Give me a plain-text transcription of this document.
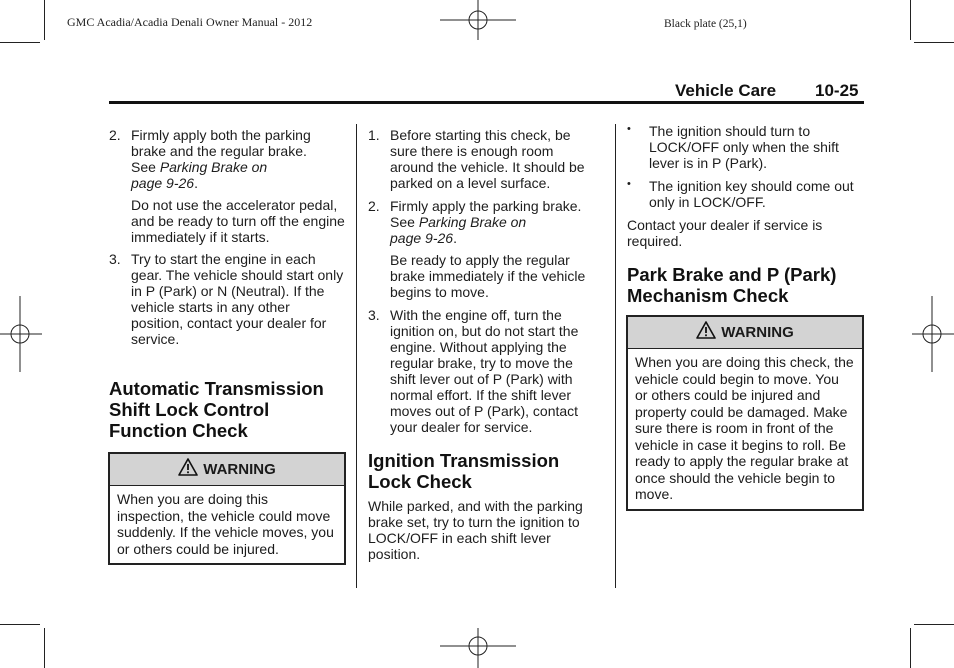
GMC Acadia/Acadia Denali Owner Manual - 2012	Black plate (25,1)
Vehicle Care 10-25
2. Firmly apply both the parking
brake and the regular brake.
See Parking Brake on
page 9-26.

Do not use the accelerator pedal, and be ready to turn off the engine immediately if it starts.

3. Try to start the engine in each gear. The vehicle should start only in P (Park) or N (Neutral). If the vehicle starts in any other position, contact your dealer for service.

Automatic Transmission Shift Lock Control Function Check
WARNING
When you are doing this inspection, the vehicle could move suddenly. If the vehicle moves, you or others could be injured.
1. Before starting this check, be sure there is enough room around the vehicle. It should be parked on a level surface.

2. Firmly apply the parking brake.
See Parking Brake on
page 9-26.

Be ready to apply the regular brake immediately if the vehicle begins to move.

3. With the engine off, turn the ignition on, but do not start the engine. Without applying the regular brake, try to move the shift lever out of P (Park) with normal effort. If the shift lever moves out of P (Park), contact your dealer for service.

Ignition Transmission Lock Check

While parked, and with the parking brake set, try to turn the ignition to LOCK/OFF in each shift lever position.

• The ignition should turn to LOCK/OFF only when the shift lever is in P (Park).
• The ignition key should come out only in LOCK/OFF.

Contact your dealer if service is required.

Park Brake and P (Park) Mechanism Check
WARNING
When you are doing this check, the vehicle could begin to move. You or others could be injured and property could be damaged. Make sure there is room in front of the vehicle in case it begins to roll. Be ready to apply the regular brake at once should the vehicle begin to move.
